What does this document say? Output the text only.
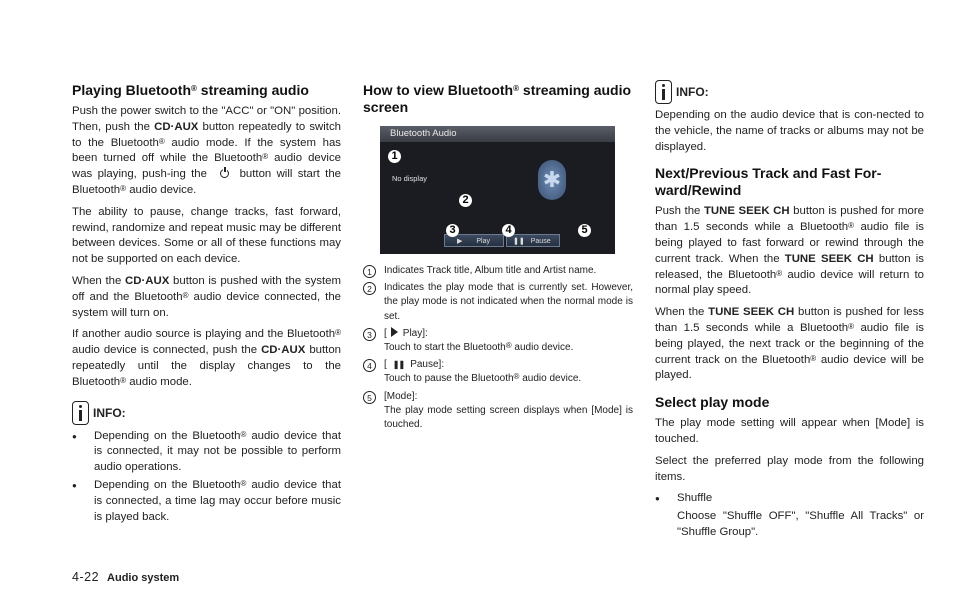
Playing Bluetooth® streaming audio

Push the power switch to the "ACC" or "ON" position. Then, push the CD·AUX button repeatedly to switch to the Bluetooth® audio mode. If the system has been turned off while the Bluetooth® audio device was playing, push-ing the  button will start the Bluetooth® audio device.

The ability to pause, change tracks, fast forward, rewind, randomize and repeat music may be different between devices. Some or all of these functions may not be supported on each device.

When the CD·AUX button is pushed with the system off and the Bluetooth® audio device connected, the system will turn on.

If another audio source is playing and the Bluetooth® audio device is connected, push the CD·AUX button repeatedly until the display changes to the Bluetooth® audio mode.

INFO:
● Depending on the Bluetooth® audio device that is connected, it may not be possible to perform audio operations.
● Depending on the Bluetooth® audio device that is connected, a time lag may occur before music is played back.
How to view Bluetooth® streaming audio screen
Bluetooth Audio
No display	✱
▶ Play	❚❚ Pause
1
2
3	4	5
1	Indicates Track title, Album title and Artist name.
2	Indicates the play mode that is currently set. However, the play mode is not indicated when the normal mode is set.
3	[ Play]:
Touch to start the Bluetooth® audio device.
4	[ ❚❚ Pause]:
Touch to pause the Bluetooth® audio device.
5	[Mode]:
The play mode setting screen displays when [Mode] is touched.
INFO:

Depending on the audio device that is con-nected to the vehicle, the name of tracks or albums may not be displayed.

Next/Previous Track and Fast For-ward/Rewind

Push the TUNE SEEK CH button is pushed for more than 1.5 seconds while a Bluetooth® audio file is being played to fast forward or rewind through the current track. When the TUNE SEEK CH button is released, the Bluetooth® audio device will return to normal play speed.

When the TUNE SEEK CH button is pushed for less than 1.5 seconds while a Bluetooth® audio file is being played, the next track or the beginning of the current track on the Bluetooth® audio device will be played.

Select play mode

The play mode setting will appear when [Mode] is touched.

Select the preferred play mode from the following items.

● Shuffle

Choose "Shuffle OFF", "Shuffle All Tracks" or "Shuffle Group".
4-22 Audio system
